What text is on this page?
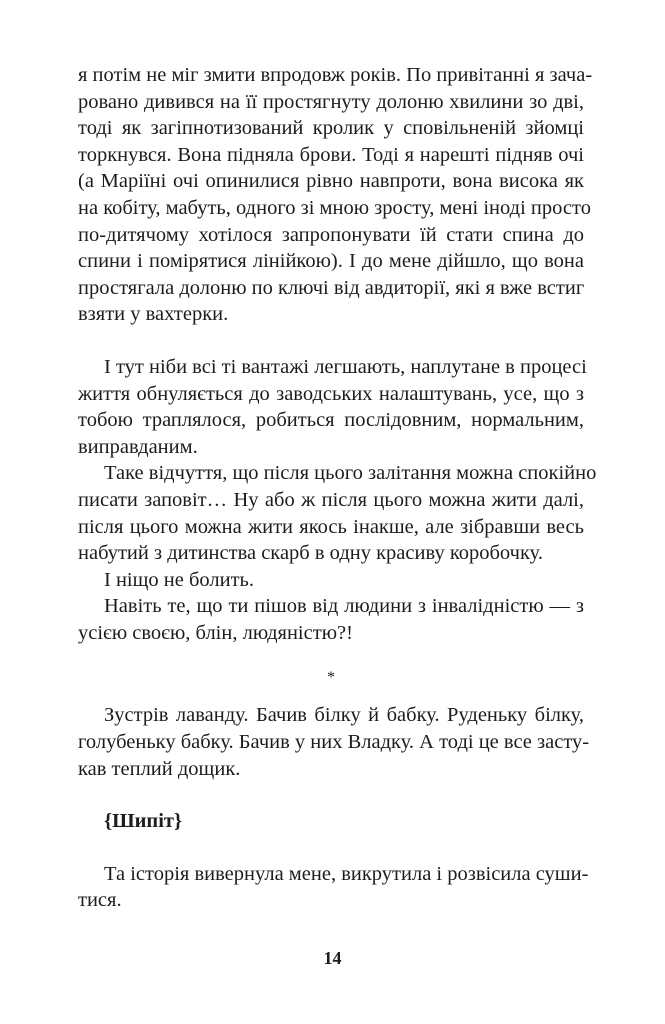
я потім не міг змити впродовж років. По привітанні я зача-
ровано дивився на її простягнуту долоню хвилини зо дві,
тоді як загіпнотизований кролик у сповільненій зйомці
торкнувся. Вона підняла брови. Тоді я нарешті підняв очі
(а Маріїні очі опинилися рівно навпроти, вона висока як
на кобіту, мабуть, одного зі мною зросту, мені іноді просто
по-дитячому хотілося запропонувати їй стати спина до
спини і помірятися лінійкою). І до мене дійшло, що вона
простягала долоню по ключі від авдиторії, які я вже встиг
взяти у вахтерки.
І тут ніби всі ті вантажі легшають, наплутане в процесі
життя обнуляється до заводських налаштувань, усе, що з
тобою траплялося, робиться послідовним, нормальним,
виправданим.
Таке відчуття, що після цього залітання можна спокійно
писати заповіт… Ну або ж після цього можна жити далі,
після цього можна жити якось інакше, але зібравши весь
набутий з дитинства скарб в одну красиву коробочку.
І ніщо не болить.
Навіть те, що ти пішов від людини з інвалідністю — з
усією своєю, блін, людяністю?!
*
Зустрів лаванду. Бачив білку й бабку. Руденьку білку,
голубеньку бабку. Бачив у них Владку. А тоді це все засту-
кав теплий дощик.

{Шипіт}

Та історія вивернула мене, викрутила і розвісила суши-
тися.
14
